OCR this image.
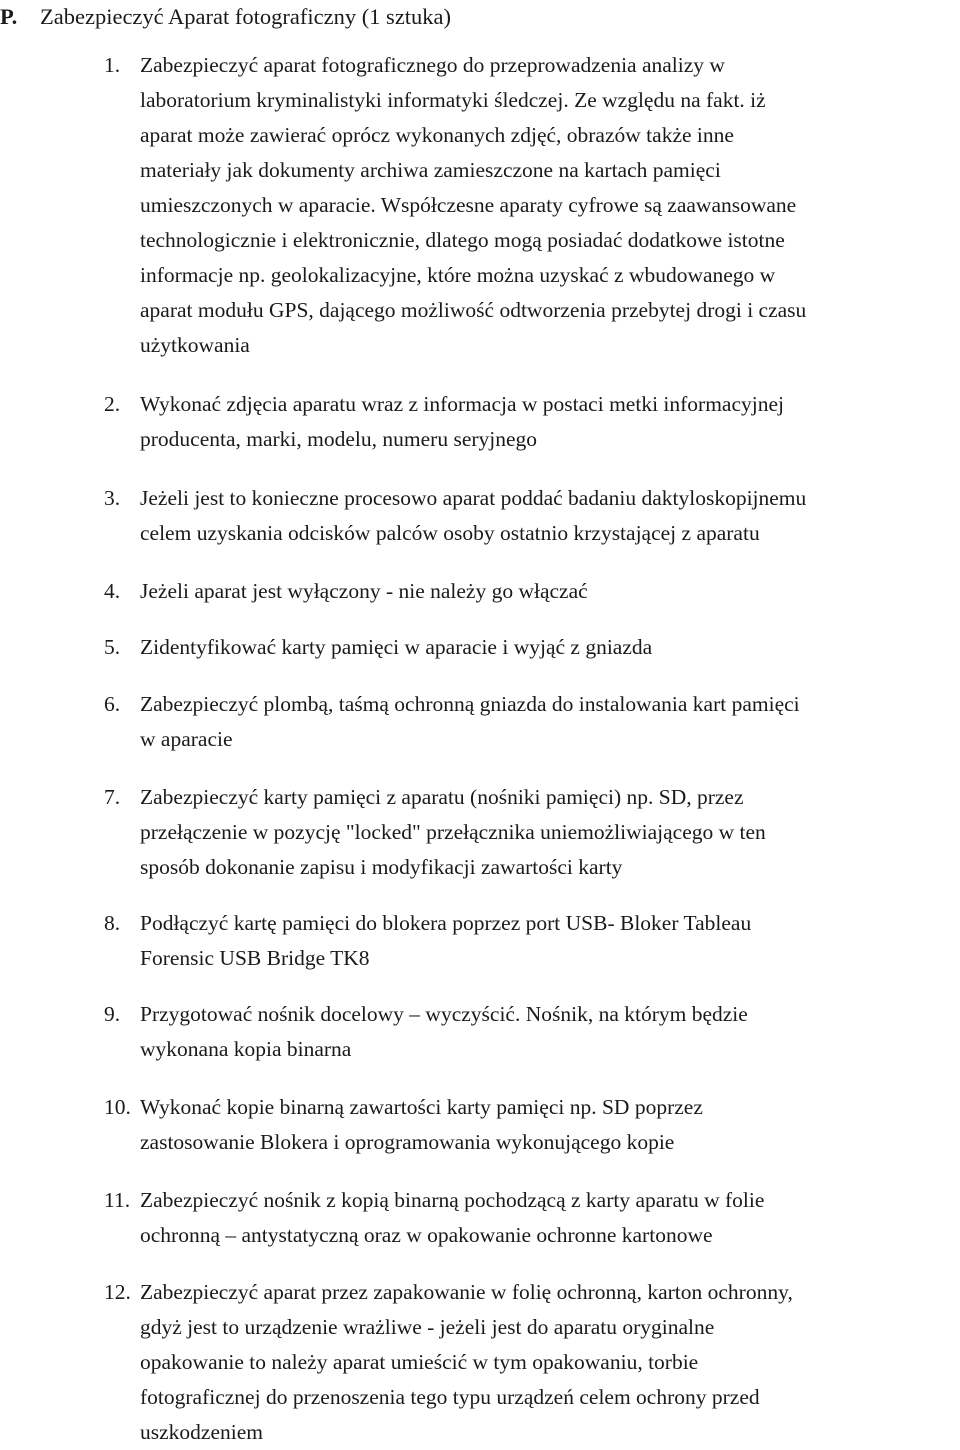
P. Zabezpieczyć Aparat fotograficzny (1 sztuka)
1. Zabezpieczyć aparat fotograficznego do przeprowadzenia analizy w
laboratorium kryminalistyki informatyki śledczej. Ze względu na fakt. iż
aparat może zawierać oprócz wykonanych zdjęć, obrazów także inne
materiały jak dokumenty archiwa zamieszczone na kartach pamięci
umieszczonych w aparacie. Współczesne aparaty cyfrowe są zaawansowane
technologicznie i elektronicznie, dlatego mogą posiadać dodatkowe istotne
informacje np. geolokalizacyjne, które można uzyskać z wbudowanego w
aparat modułu GPS, dającego możliwość odtworzenia przebytej drogi i czasu
użytkowania
2. Wykonać zdjęcia aparatu wraz z informacja w postaci metki informacyjnej
producenta, marki, modelu, numeru seryjnego
3. Jeżeli jest to konieczne procesowo aparat poddać badaniu daktyloskopijnemu
celem uzyskania odcisków palców osoby ostatnio krzystającej z aparatu
4. Jeżeli aparat jest wyłączony - nie należy go włączać
5. Zidentyfikować karty pamięci w aparacie i wyjąć z gniazda
6. Zabezpieczyć plombą, taśmą ochronną gniazda do instalowania kart pamięci
w aparacie
7. Zabezpieczyć karty pamięci z aparatu (nośniki pamięci) np. SD, przez
przełączenie w pozycję "locked" przełącznika uniemożliwiającego w ten
sposób dokonanie zapisu i modyfikacji zawartości karty
8. Podłączyć kartę pamięci do blokera poprzez port USB- Bloker Tableau
Forensic USB Bridge TK8
9. Przygotować nośnik docelowy – wyczyścić. Nośnik, na którym będzie
wykonana kopia binarna
10. Wykonać kopie binarną zawartości karty pamięci np. SD poprzez
zastosowanie Blokera i oprogramowania wykonującego kopie
11. Zabezpieczyć nośnik z kopią binarną pochodzącą z karty aparatu w folie
ochronną – antystatyczną oraz w opakowanie ochronne kartonowe
12. Zabezpieczyć aparat przez zapakowanie w folię ochronną, karton ochronny,
gdyż jest to urządzenie wrażliwe - jeżeli jest do aparatu oryginalne
opakowanie to należy aparat umieścić w tym opakowaniu, torbie
fotograficznej do przenoszenia tego typu urządzeń celem ochrony przed
uszkodzeniem
